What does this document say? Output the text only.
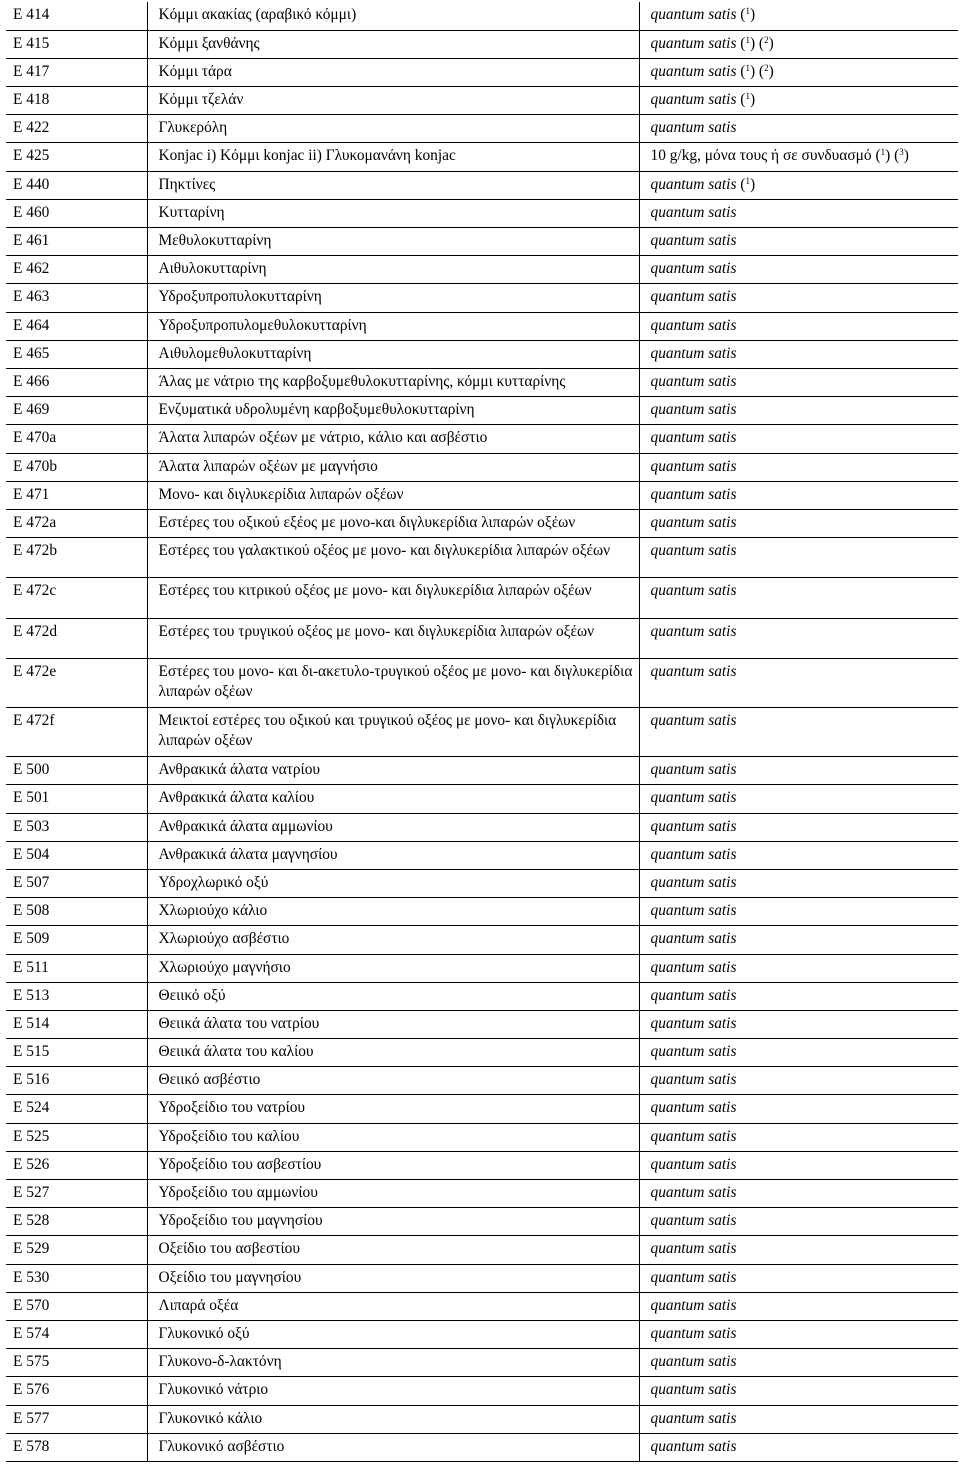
E 414	Κόμμι ακακίας (αραβικό κόμμι)	quantum satis ($^1$)
E 415	Κόμμι ξανθάνης	quantum satis ($^1$) ($^2$)
E 417	Κόμμι τάρα	quantum satis ($^1$) ($^2$)
E 418	Κόμμι τζελάν	quantum satis ($^1$)
E 422	Γλυκερόλη	quantum satis
E 425	Konjac i) Κόμμι konjac ii) Γλυκομανάνη konjac	10 g/kg, μόνα τους ή σε συνδυασμό ($^1$) ($^3$)
E 440	Πηκτίνες	quantum satis ($^1$)
E 460	Κυτταρίνη	quantum satis
E 461	Μεθυλοκυτταρίνη	quantum satis
E 462	Αιθυλοκυτταρίνη	quantum satis
E 463	Υδροξυπροπυλοκυτταρίνη	quantum satis
E 464	Υδροξυπροπυλομεθυλοκυτταρίνη	quantum satis
E 465	Αιθυλομεθυλοκυτταρίνη	quantum satis
E 466	Άλας με νάτριο της καρβοξυμεθυλοκυτταρίνης, κόμμι κυτταρίνης	quantum satis
E 469	Ενζυματικά υδρολυμένη καρβοξυμεθυλοκυτταρίνη	quantum satis
E 470a	Άλατα λιπαρών οξέων με νάτριο, κάλιο και ασβέστιο	quantum satis
E 470b	Άλατα λιπαρών οξέων με μαγνήσιο	quantum satis
E 471	Μονο- και διγλυκερίδια λιπαρών οξέων	quantum satis
E 472a	Εστέρες του οξικού εξέος με μονο-και διγλυκερίδια λιπαρών οξέων	quantum satis
E 472b	Εστέρες του γαλακτικού οξέος με μονο- και διγλυκερίδια λιπαρών οξέων	quantum satis
E 472c	Εστέρες του κιτρικού οξέος με μονο- και διγλυκερίδια λιπαρών οξέων	quantum satis
E 472d	Εστέρες του τρυγικού οξέος με μονο- και διγλυκερίδια λιπαρών οξέων	quantum satis
E 472e	Εστέρες του μονο- και δι-ακετυλο-τρυγικού οξέος με μονο- και διγλυκερίδια λιπαρών οξέων	quantum satis
E 472f	Μεικτοί εστέρες του οξικού και τρυγικού οξέος με μονο- και διγλυκερίδια λιπαρών οξέων	quantum satis
E 500	Ανθρακικά άλατα νατρίου	quantum satis
E 501	Ανθρακικά άλατα καλίου	quantum satis
E 503	Ανθρακικά άλατα αμμωνίου	quantum satis
E 504	Ανθρακικά άλατα μαγνησίου	quantum satis
E 507	Υδροχλωρικό οξύ	quantum satis
E 508	Χλωριούχο κάλιο	quantum satis
E 509	Χλωριούχο ασβέστιο	quantum satis
E 511	Χλωριούχο μαγνήσιο	quantum satis
E 513	Θειικό οξύ	quantum satis
E 514	Θειικά άλατα του νατρίου	quantum satis
E 515	Θειικά άλατα του καλίου	quantum satis
E 516	Θειικό ασβέστιο	quantum satis
E 524	Υδροξείδιο του νατρίου	quantum satis
E 525	Υδροξείδιο του καλίου	quantum satis
E 526	Υδροξείδιο του ασβεστίου	quantum satis
E 527	Υδροξείδιο του αμμωνίου	quantum satis
E 528	Υδροξείδιο του μαγνησίου	quantum satis
E 529	Οξείδιο του ασβεστίου	quantum satis
E 530	Οξείδιο του μαγνησίου	quantum satis
E 570	Λιπαρά οξέα	quantum satis
E 574	Γλυκονικό οξύ	quantum satis
E 575	Γλυκονο-δ-λακτόνη	quantum satis
E 576	Γλυκονικό νάτριο	quantum satis
E 577	Γλυκονικό κάλιο	quantum satis
E 578	Γλυκονικό ασβέστιο	quantum satis
